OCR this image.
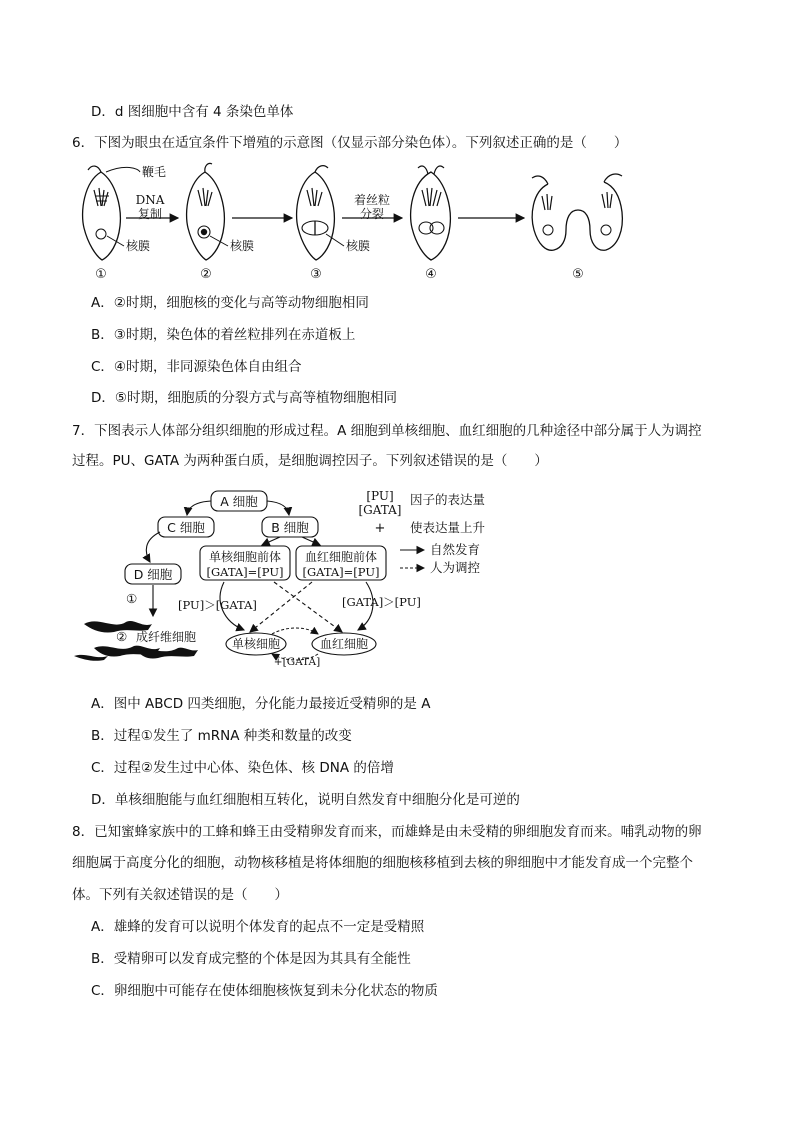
D．d 图细胞中含有 4 条染色单体
6．下图为眼虫在适宜条件下增殖的示意图（仅显示部分染色体）。下列叙述正确的是（　　）
鞭毛
核膜
①
DNA
复制
核膜
②
核膜
③
着丝粒
分裂
④	⑤
A．②时期，细胞核的变化与高等动物细胞相同
B．③时期，染色体的着丝粒排列在赤道板上
C．④时期，非同源染色体自由组合
D．⑤时期，细胞质的分裂方式与高等植物细胞相同
7．下图表示人体部分组织细胞的形成过程。A 细胞到单核细胞、血红细胞的几种途径中部分属于人为调控
过程。PU、GATA 为两种蛋白质，是细胞调控因子。下列叙述错误的是（　　）
A 细胞
C 细胞	B 细胞
D 细胞
单核细胞前体
[GATA]=[PU]
血红细胞前体
[GATA]=[PU]
[PU]
[GATA]
+
因子的表达量
使表达量上升
自然发育
人为调控
[PU]＞[GATA]	[GATA]＞[PU]
单核细胞	血红细胞
+[GATA]
①
② 成纤维细胞
A．图中 ABCD 四类细胞，分化能力最接近受精卵的是 A
B．过程①发生了 mRNA 种类和数量的改变
C．过程②发生过中心体、染色体、核 DNA 的倍增
D．单核细胞能与血红细胞相互转化，说明自然发育中细胞分化是可逆的
8．已知蜜蜂家族中的工蜂和蜂王由受精卵发育而来，而雄蜂是由未受精的卵细胞发育而来。哺乳动物的卵
细胞属于高度分化的细胞，动物核移植是将体细胞的细胞核移植到去核的卵细胞中才能发育成一个完整个
体。下列有关叙述错误的是（　　）
A．雄蜂的发育可以说明个体发育的起点不一定是受精照
B．受精卵可以发育成完整的个体是因为其具有全能性
C．卵细胞中可能存在使体细胞核恢复到未分化状态的物质
